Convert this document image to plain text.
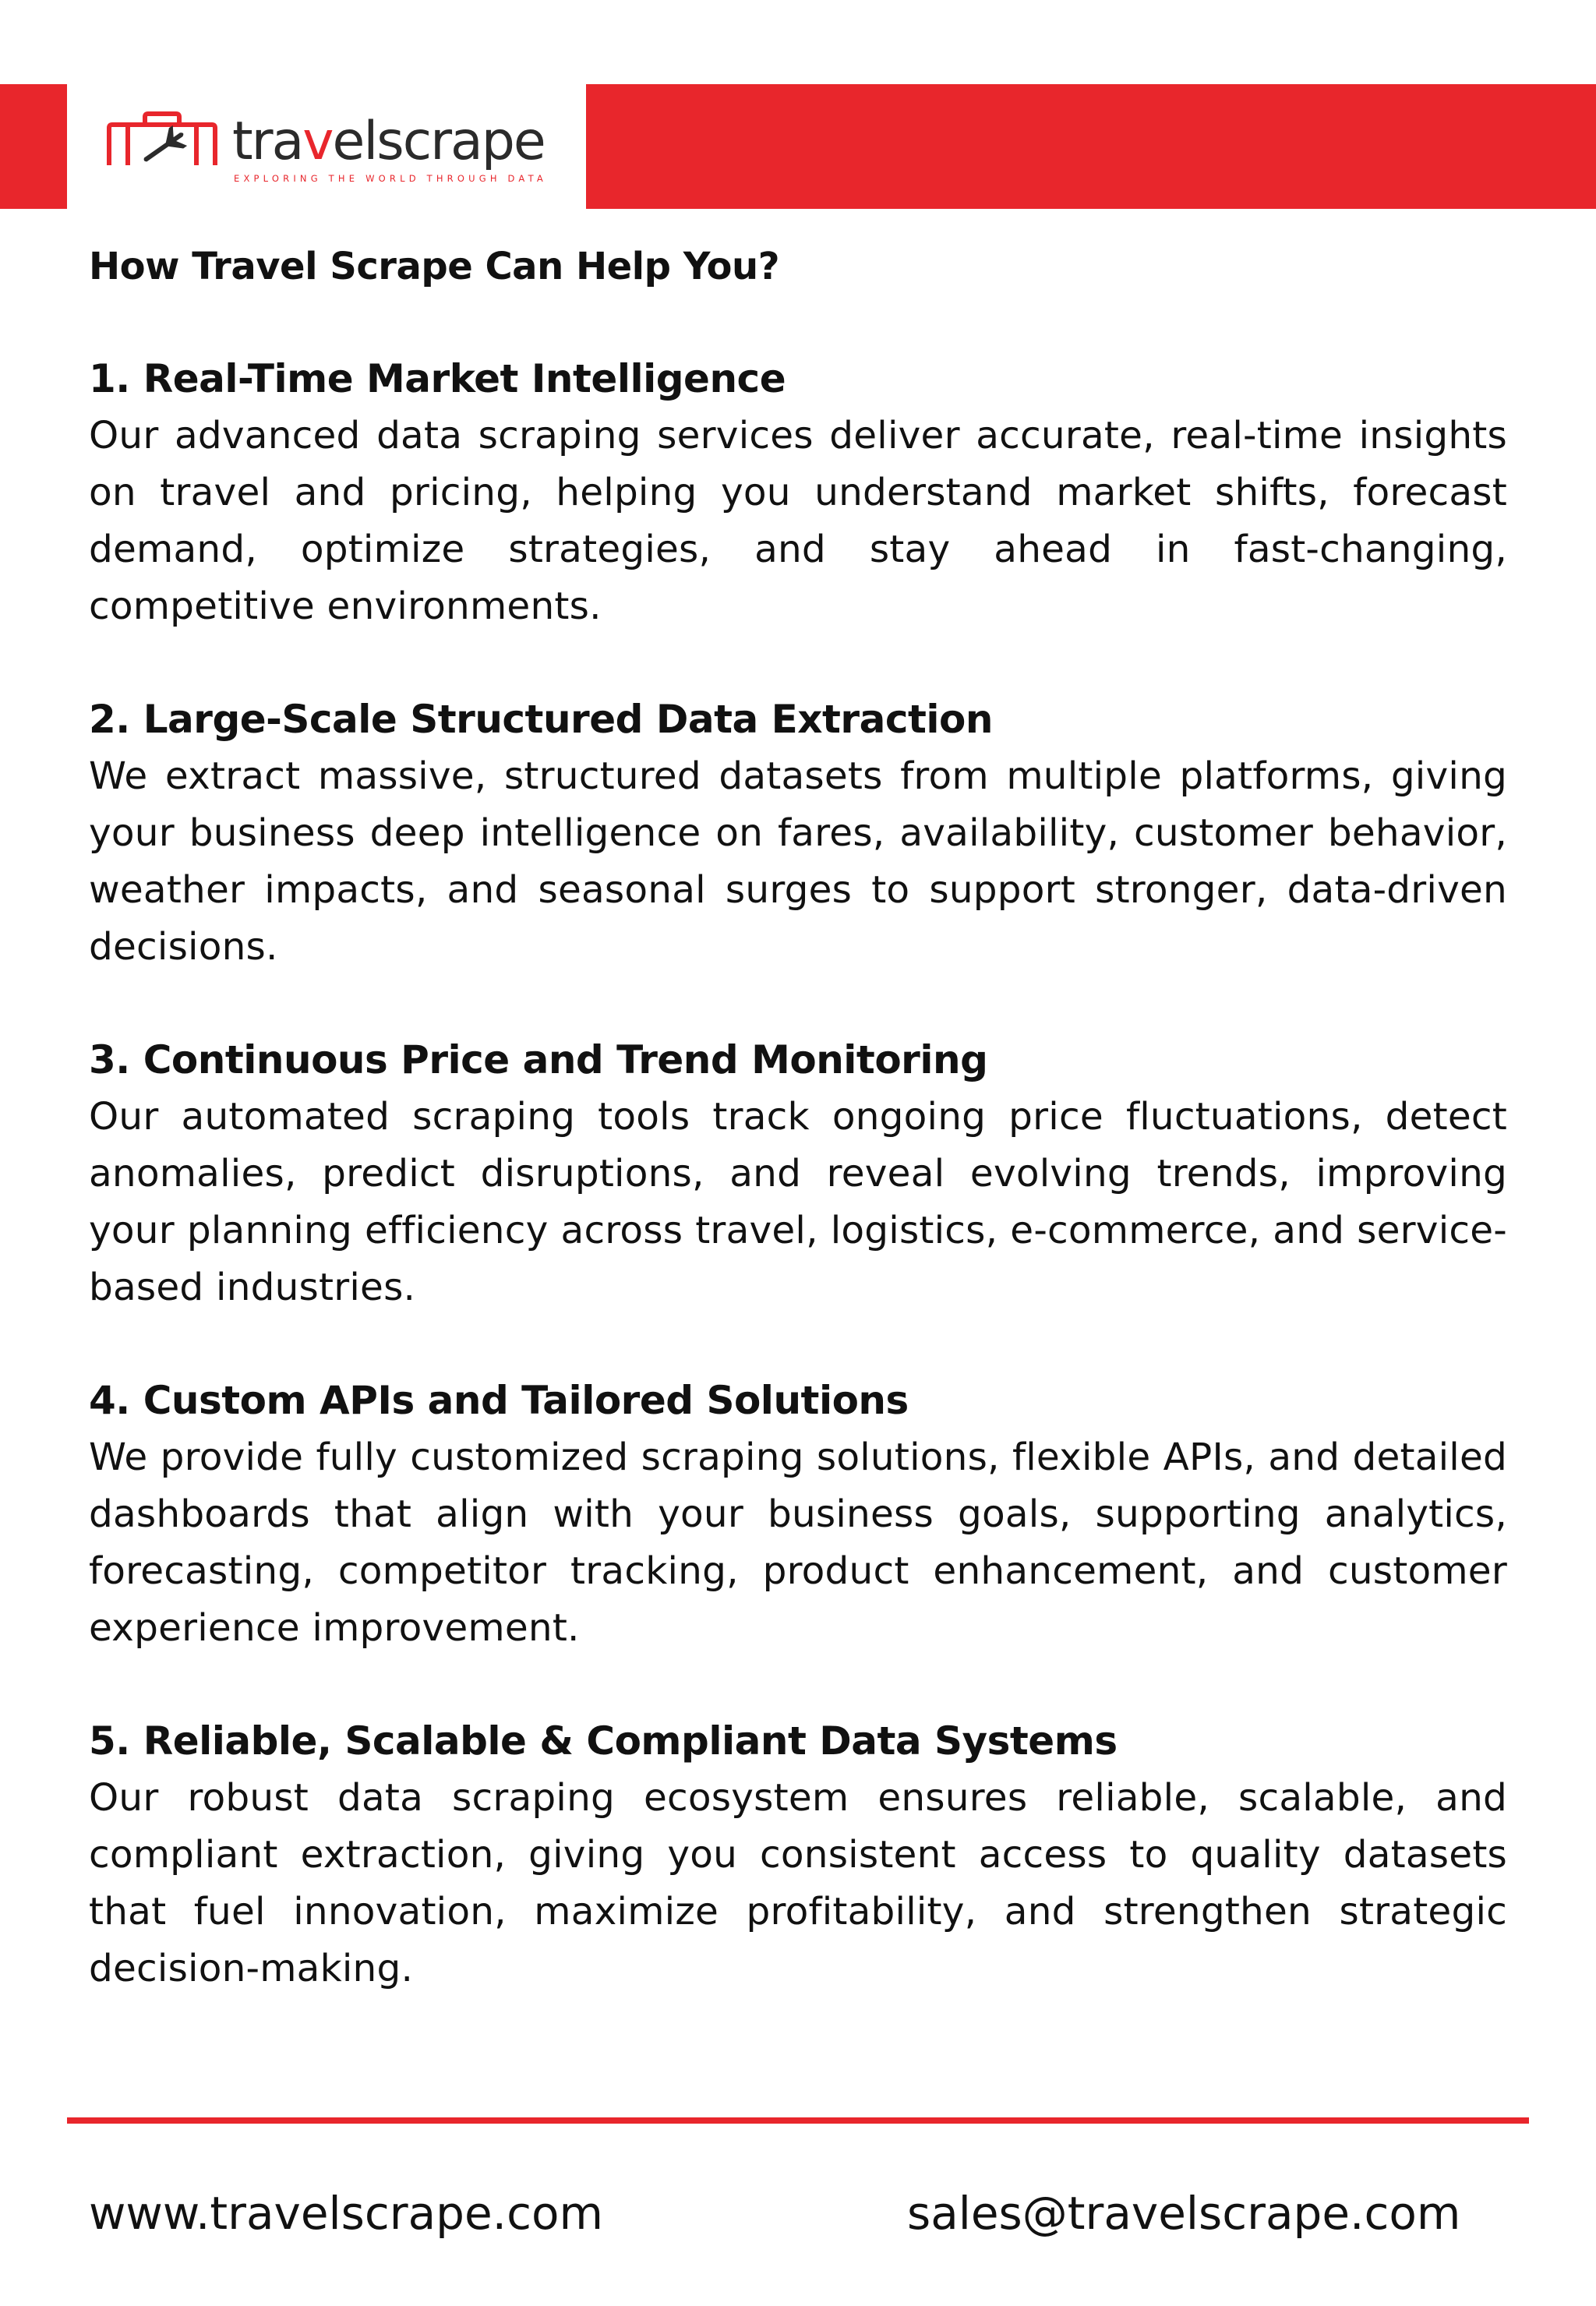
travelscrape
EXPLORING THE WORLD THROUGH DATA
How Travel Scrape Can Help You?
1. Real-Time Market Intelligence

Our advanced data scraping services deliver accurate, real-time insights on travel and pricing, helping you understand market shifts, forecast demand, optimize strategies, and stay ahead in fast-changing, competitive environments.

2. Large-Scale Structured Data Extraction

We extract massive, structured datasets from multiple platforms, giving your business deep intelligence on fares, availability, customer behavior, weather impacts, and seasonal surges to support stronger, data-driven decisions.

3. Continuous Price and Trend Monitoring

Our automated scraping tools track ongoing price fluctuations, detect anomalies, predict disruptions, and reveal evolving trends, improving your planning efficiency across travel, logistics, e-commerce, and service-based industries.

4. Custom APIs and Tailored Solutions

We provide fully customized scraping solutions, flexible APIs, and detailed dashboards that align with your business goals, supporting analytics, forecasting, competitor tracking, product enhancement, and customer experience improvement.

5. Reliable, Scalable & Compliant Data Systems

Our robust data scraping ecosystem ensures reliable, scalable, and compliant extraction, giving you consistent access to quality datasets that fuel innovation, maximize profitability, and strengthen strategic decision-making.

www.travelscrape.com	sales@travelscrape.com
